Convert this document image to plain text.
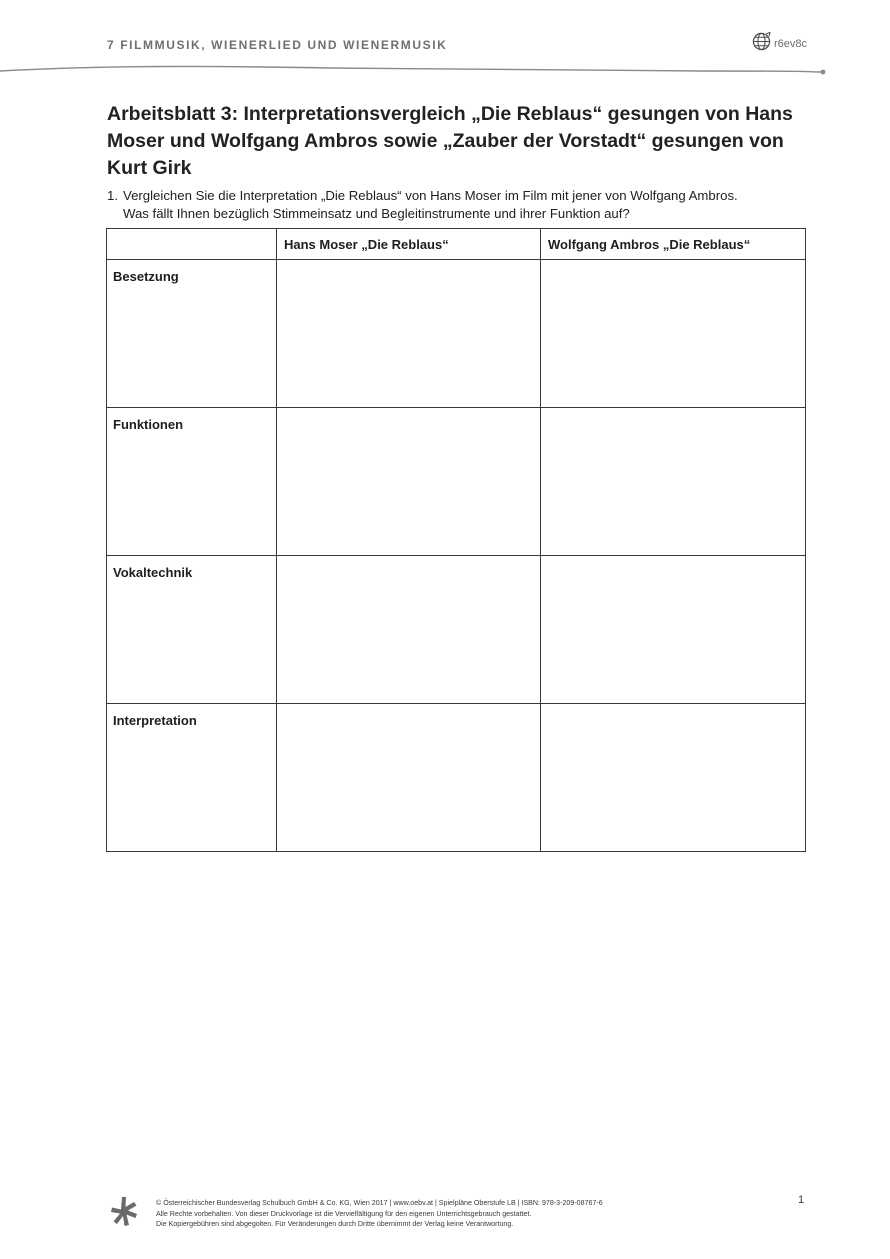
7 FILMMUSIK, WIENERLIED UND WIENERMUSIK	r6ev8c
Arbeitsblatt 3: Interpretationsvergleich „Die Reblaus“ gesungen von Hans Moser und Wolfgang Ambros sowie „Zauber der Vorstadt“ gesungen von Kurt Girk
1. Vergleichen Sie die Interpretation „Die Reblaus“ von Hans Moser im Film mit jener von Wolfgang Ambros.
Was fällt Ihnen bezüglich Stimmeinsatz und Begleitinstrumente und ihrer Funktion auf?
	Hans Moser „Die Reblaus“	Wolfgang Ambros „Die Reblaus“
Besetzung		
Funktionen		
Vokaltechnik		
Interpretation		
© Österreichischer Bundesverlag Schulbuch GmbH & Co. KG, Wien 2017 | www.oebv.at | Spielpläne Oberstufe LB | ISBN: 978-3-209-08767-6
Alle Rechte vorbehalten. Von dieser Druckvorlage ist die Vervielfältigung für den eigenen Unterrichtsgebrauch gestattet.
Die Kopiergebühren sind abgegolten. Für Veränderungen durch Dritte übernimmt der Verlag keine Verantwortung.
1
